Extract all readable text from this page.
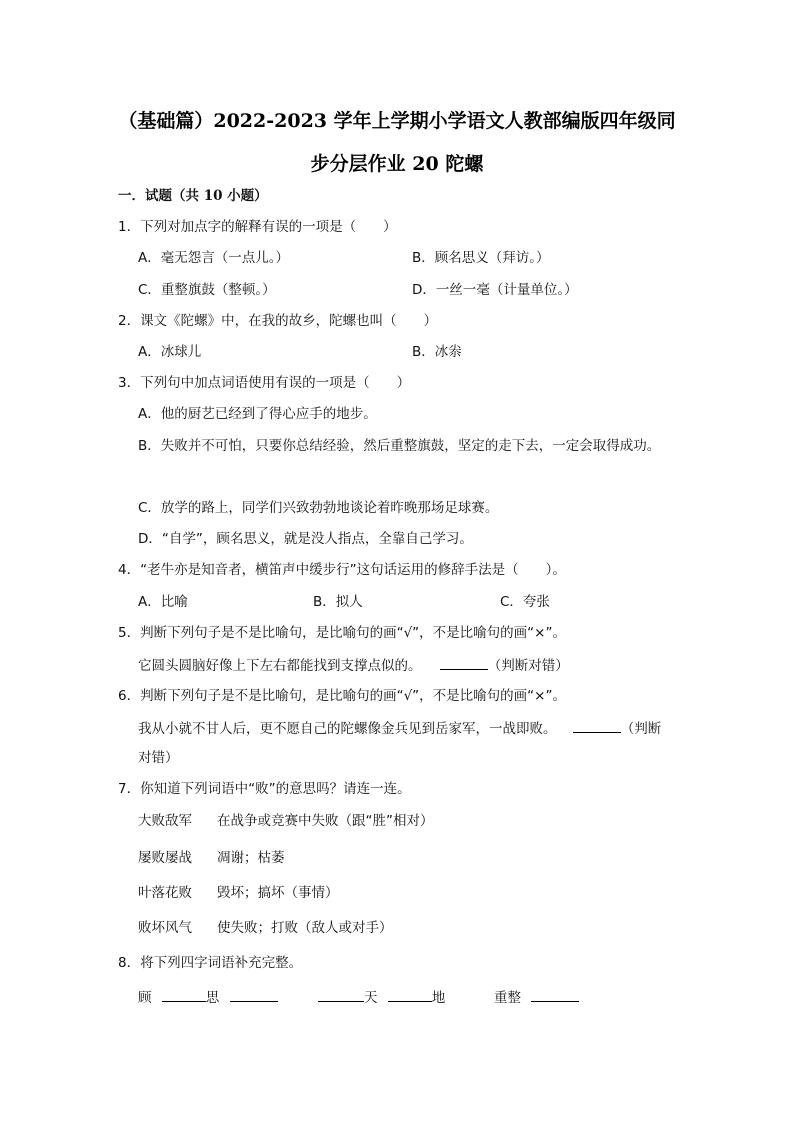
（基础篇）2022-2023 学年上学期小学语文人教部编版四年级同
步分层作业 20 陀螺
一．试题（共 10 小题）
1．下列对加点字的解释有误的一项是（　　）
A．毫无怨言（一点儿。）	B．顾名思义（拜访。）
C．重整旗鼓（整顿。）	D．一丝一毫（计量单位。）
2．课文《陀螺》中，在我的故乡，陀螺也叫（　　）
A．冰球儿	B．冰尜
3．下列句中加点词语使用有误的一项是（　　）
A．他的厨艺已经到了得心应手的地步。
B．失败并不可怕，只要你总结经验，然后重整旗鼓，坚定的走下去，一定会取得成功。
C．放学的路上，同学们兴致勃勃地谈论着昨晚那场足球赛。
D．“自学”，顾名思义，就是没人指点，全靠自己学习。
4．“老牛亦是知音者，横笛声中缓步行”这句话运用的修辞手法是（　　）。
A．比喻	B．拟人	C．夸张
5．判断下列句子是不是比喻句，是比喻句的画“√”，不是比喻句的画“×”。
它圆头圆脑好像上下左右都能找到支撑点似的。	（判断对错）
6．判断下列句子是不是比喻句，是比喻句的画“√”，不是比喻句的画“×”。
我从小就不甘人后，更不愿自己的陀螺像金兵见到岳家军，一战即败。	（判断
对错）
7．你知道下列词语中“败”的意思吗？请连一连。
大败敌军 在战争或竞赛中失败（跟“胜”相对）
屡败屡战 凋谢；枯萎
叶落花败 毁坏；搞坏（事情）
败坏风气 使失败；打败（敌人或对手）
8．将下列四字词语补充完整。
顾	思	天	地	重整
